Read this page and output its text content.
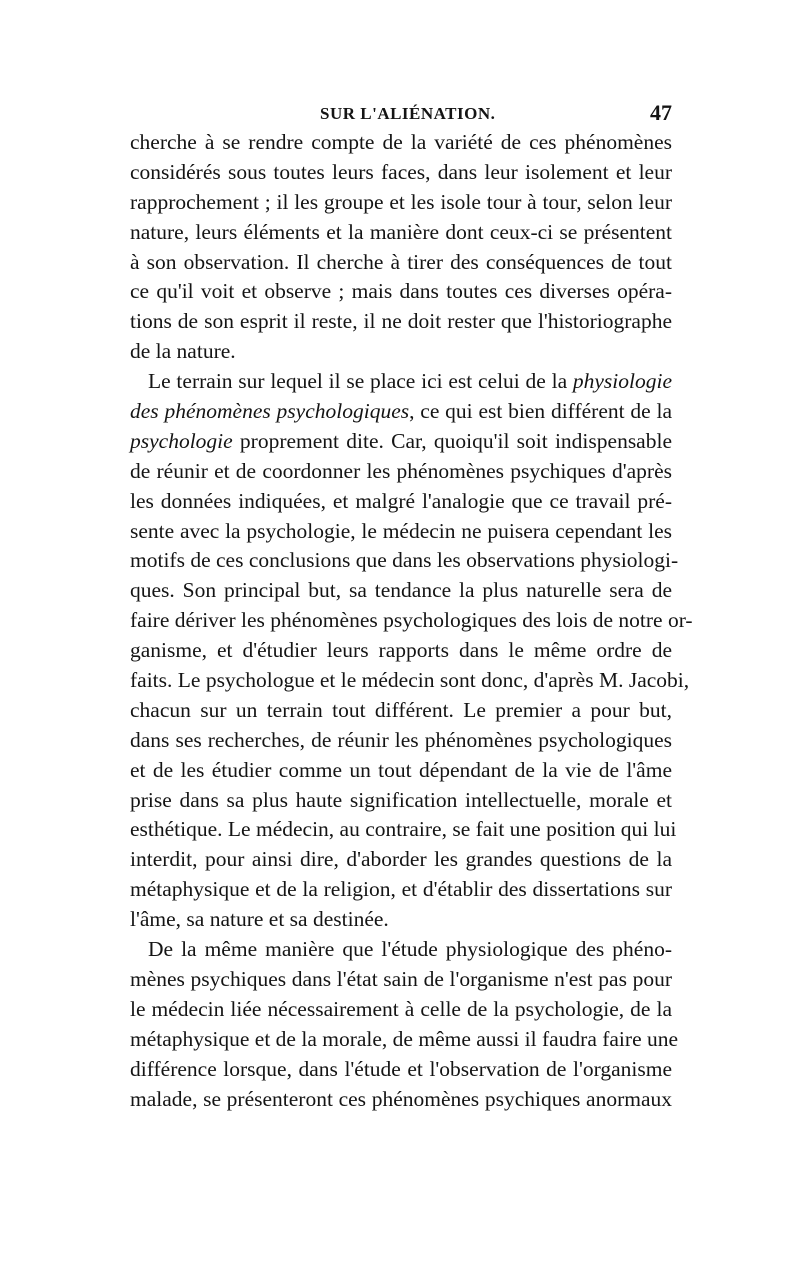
SUR L'ALIÉNATION.	47
cherche à se rendre compte de la variété de ces phénomènes
considérés sous toutes leurs faces, dans leur isolement et leur
rapprochement ; il les groupe et les isole tour à tour, selon leur
nature, leurs éléments et la manière dont ceux-ci se présentent
à son observation. Il cherche à tirer des conséquences de tout
ce qu'il voit et observe ; mais dans toutes ces diverses opéra-
tions de son esprit il reste, il ne doit rester que l'historiographe
de la nature.
Le terrain sur lequel il se place ici est celui de la physiologie
des phénomènes psychologiques, ce qui est bien différent de la
psychologie proprement dite. Car, quoiqu'il soit indispensable
de réunir et de coordonner les phénomènes psychiques d'après
les données indiquées, et malgré l'analogie que ce travail pré-
sente avec la psychologie, le médecin ne puisera cependant les
motifs de ces conclusions que dans les observations physiologi-
ques. Son principal but, sa tendance la plus naturelle sera de
faire dériver les phénomènes psychologiques des lois de notre or-
ganisme, et d'étudier leurs rapports dans le même ordre de
faits. Le psychologue et le médecin sont donc, d'après M. Jacobi,
chacun sur un terrain tout différent. Le premier a pour but,
dans ses recherches, de réunir les phénomènes psychologiques
et de les étudier comme un tout dépendant de la vie de l'âme
prise dans sa plus haute signification intellectuelle, morale et
esthétique. Le médecin, au contraire, se fait une position qui lui
interdit, pour ainsi dire, d'aborder les grandes questions de la
métaphysique et de la religion, et d'établir des dissertations sur
l'âme, sa nature et sa destinée.
De la même manière que l'étude physiologique des phéno-
mènes psychiques dans l'état sain de l'organisme n'est pas pour
le médecin liée nécessairement à celle de la psychologie, de la
métaphysique et de la morale, de même aussi il faudra faire une
différence lorsque, dans l'étude et l'observation de l'organisme
malade, se présenteront ces phénomènes psychiques anormaux
